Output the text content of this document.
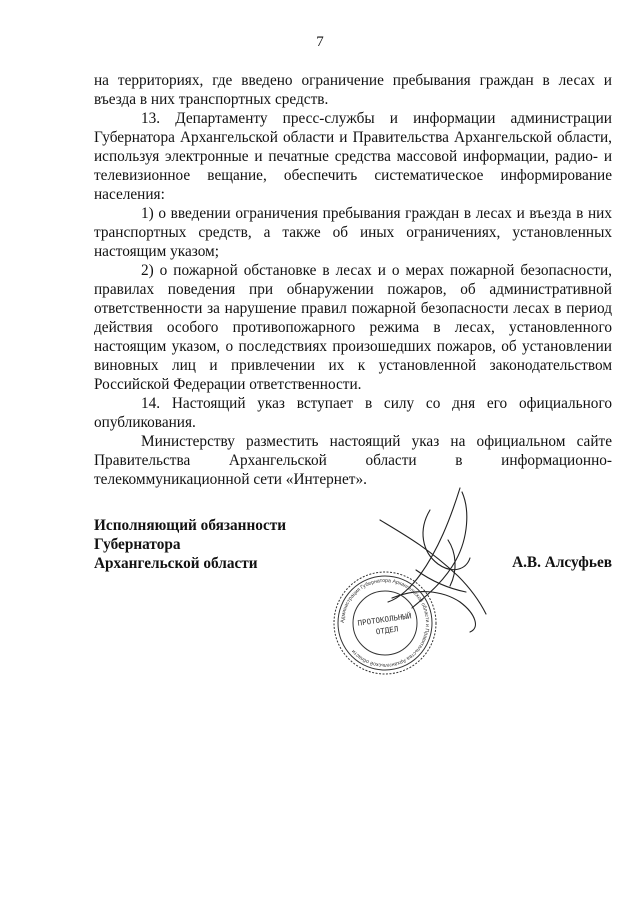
7

на территориях, где введено ограничение пребывания граждан в лесах и въезда в них транспортных средств.

13. Департаменту пресс-службы и информации администрации Губернатора Архангельской области и Правительства Архангельской области, используя электронные и печатные средства массовой информации, радио- и телевизионное вещание, обеспечить систематическое информирование населения:

1) о введении ограничения пребывания граждан в лесах и въезда в них транспортных средств, а также об иных ограничениях, установленных настоящим указом;

2) о пожарной обстановке в лесах и о мерах пожарной безопасности, правилах поведения при обнаружении пожаров, об административной ответственности за нарушение правил пожарной безопасности лесах в период действия особого противопожарного режима в лесах, установленного настоящим указом, о последствиях произошедших пожаров, об установлении виновных лиц и привлечении их к установленной законодательством Российской Федерации ответственности.

14. Настоящий указ вступает в силу со дня его официального опубликования.

Министерству разместить настоящий указ на официальном сайте Правительства Архангельской области в информационно-телекоммуникационной сети «Интернет».

Исполняющий обязанности
Губернатора
Архангельской области	А.В. Алсуфьев
Администрация Губернатора Архангельской области и Правительства Архангельской области
ПРОТОКОЛЬНЫЙ
ОТДЕЛ
